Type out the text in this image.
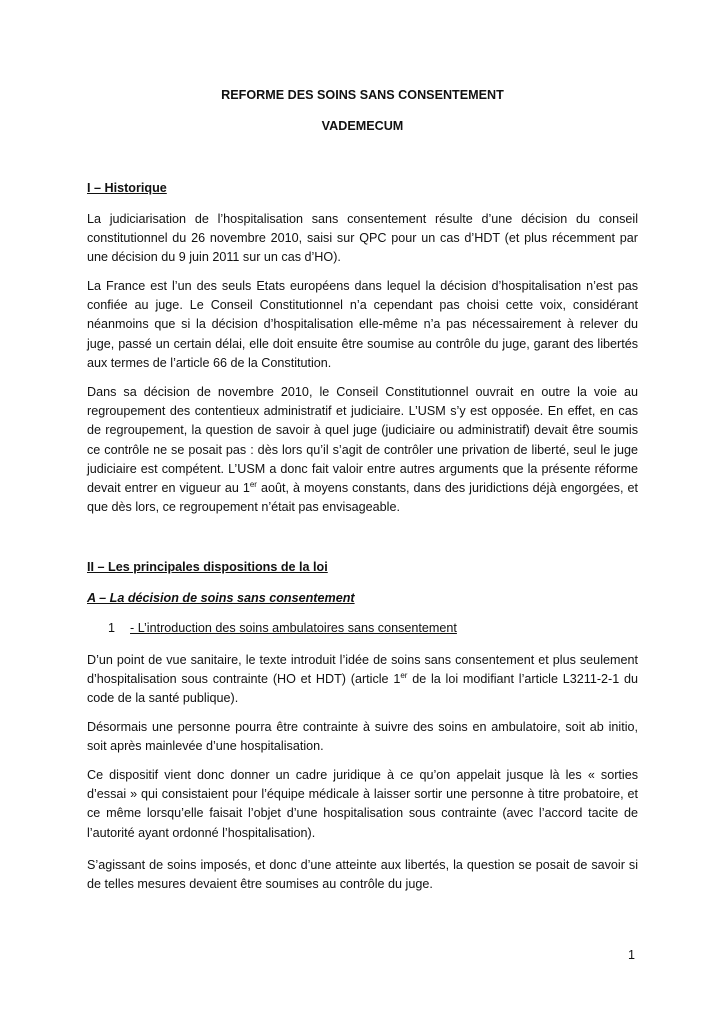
REFORME DES SOINS SANS CONSENTEMENT
VADEMECUM
I – Historique

La judiciarisation de l’hospitalisation sans consentement résulte d’une décision du conseil constitutionnel du 26 novembre 2010, saisi sur QPC pour un cas d’HDT (et plus récemment par une décision du 9 juin 2011 sur un cas d’HO).

La France est l’un des seuls Etats européens dans lequel la décision d’hospitalisation n’est pas confiée au juge. Le Conseil Constitutionnel n’a cependant pas choisi cette voix, considérant néanmoins que si la décision d’hospitalisation elle-même n’a pas nécessairement à relever du juge, passé un certain délai, elle doit ensuite être soumise au contrôle du juge, garant des libertés aux termes de l’article 66 de la Constitution.

Dans sa décision de novembre 2010, le Conseil Constitutionnel ouvrait en outre la voie au regroupement des contentieux administratif et judiciaire. L’USM s’y est opposée. En effet, en cas de regroupement, la question de savoir à quel juge (judiciaire ou administratif) devait être soumis ce contrôle ne se posait pas : dès lors qu’il s’agit de contrôler une privation de liberté, seul le juge judiciaire est compétent. L’USM a donc fait valoir entre autres arguments que la présente réforme devait entrer en vigueur au 1er août, à moyens constants, dans des juridictions déjà engorgées, et que dès lors, ce regroupement n’était pas envisageable.

II – Les principales dispositions de la loi
A – La décision de soins sans consentement
1 - L’introduction des soins ambulatoires sans consentement

D’un point de vue sanitaire, le texte introduit l’idée de soins sans consentement et plus seulement d’hospitalisation sous contrainte (HO et HDT) (article 1er de la loi modifiant l’article L3211-2-1 du code de la santé publique).

Désormais une personne pourra être contrainte à suivre des soins en ambulatoire, soit ab initio, soit après mainlevée d’une hospitalisation.

Ce dispositif vient donc donner un cadre juridique à ce qu’on appelait jusque là les « sorties d’essai » qui consistaient pour l’équipe médicale à laisser sortir une personne à titre probatoire, et ce même lorsqu’elle faisait l’objet d’une hospitalisation sous contrainte (avec l’accord tacite de l’autorité ayant ordonné l’hospitalisation).

S’agissant de soins imposés, et donc d’une atteinte aux libertés, la question se posait de savoir si de telles mesures devaient être soumises au contrôle du juge.

1
